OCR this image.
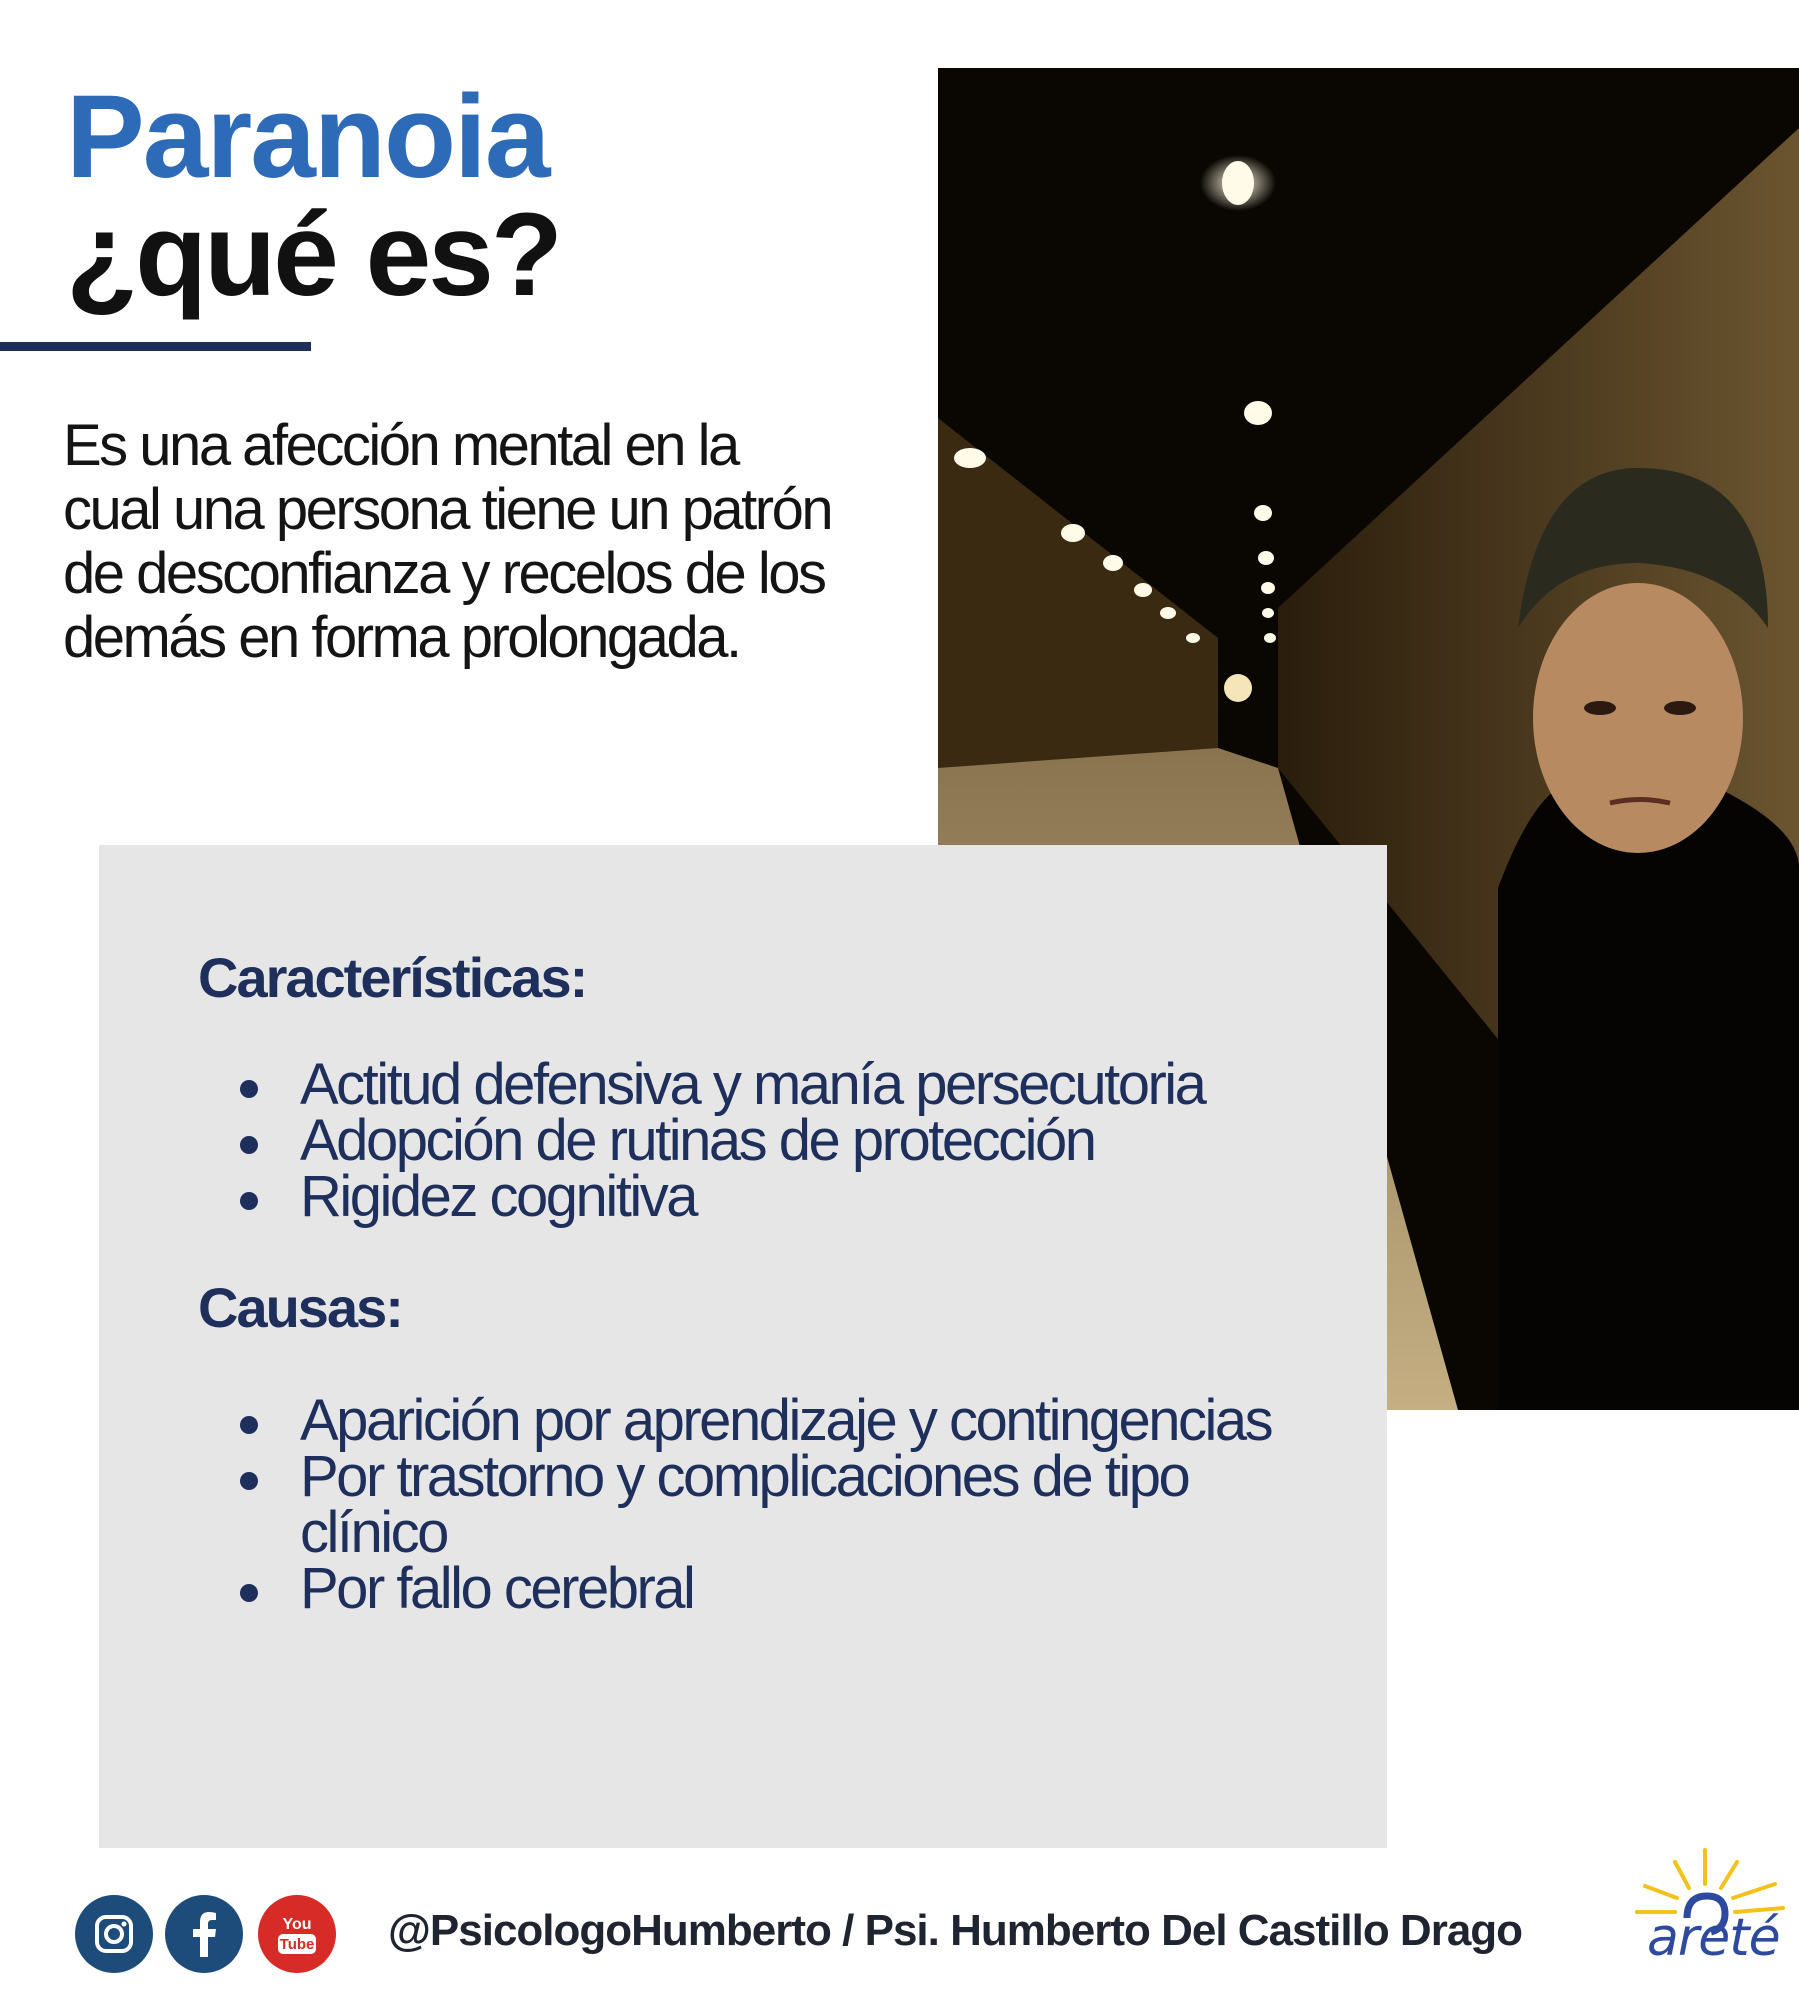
Paranoia
¿qué es?
Es una afección mental en la cual una persona tiene un patrón de desconfianza y recelos de los demás en forma prolongada.
Características:
Actitud defensiva y manía persecutoria
Adopción de rutinas de protección
Rigidez cognitiva
Causas:
Aparición por aprendizaje y contingencias
Por trastorno y complicaciones de tipo clínico
Por fallo cerebral
You
Tube @PsicologoHumberto / Psi. Humberto Del Castillo Drago areté
